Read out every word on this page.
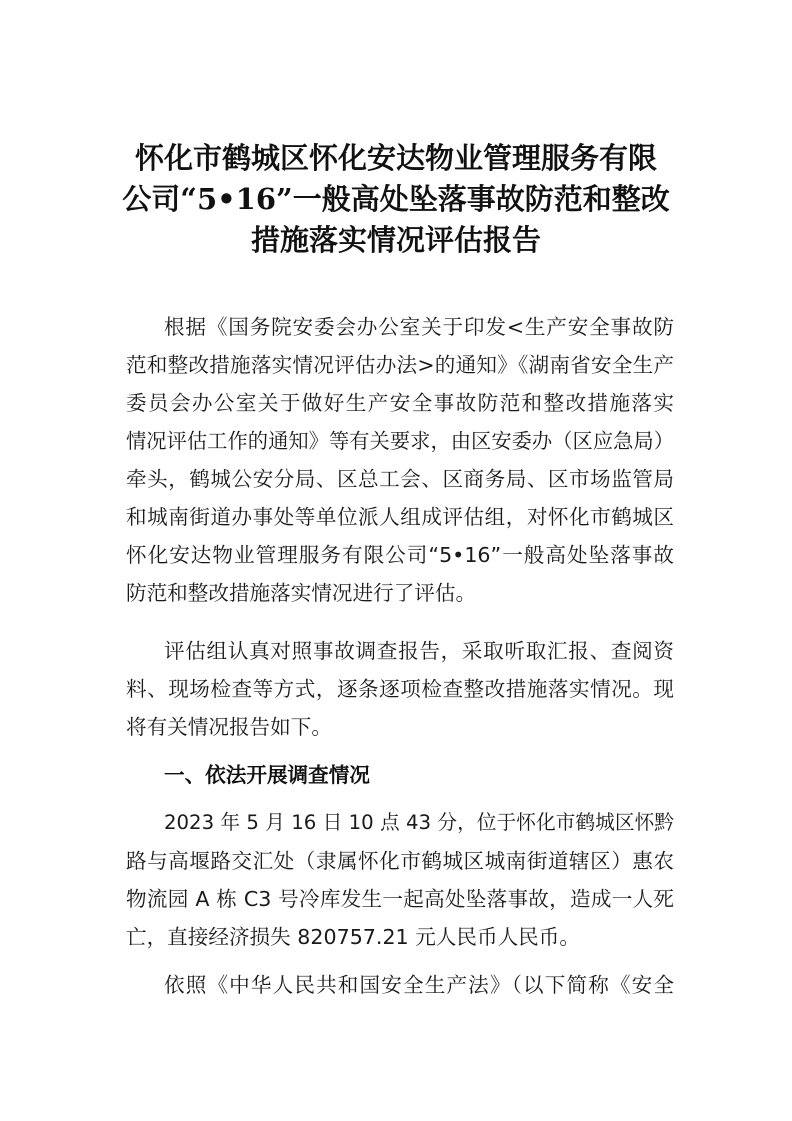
怀化市鹤城区怀化安达物业管理服务有限
公司“5•16”一般高处坠落事故防范和整改
措施落实情况评估报告
根据《国务院安委会办公室关于印发<生产安全事故防
范和整改措施落实情况评估办法>的通知》《湖南省安全生产
委员会办公室关于做好生产安全事故防范和整改措施落实
情况评估工作的通知》等有关要求，由区安委办（区应急局）
牵头，鹤城公安分局、区总工会、区商务局、区市场监管局
和城南街道办事处等单位派人组成评估组，对怀化市鹤城区
怀化安达物业管理服务有限公司“5•16”一般高处坠落事故
防范和整改措施落实情况进行了评估。
评估组认真对照事故调查报告，采取听取汇报、查阅资
料、现场检查等方式，逐条逐项检查整改措施落实情况。现
将有关情况报告如下。
一、依法开展调查情况
2023 年 5 月 16 日 10 点 43 分，位于怀化市鹤城区怀黔
路与高堰路交汇处（隶属怀化市鹤城区城南街道辖区）惠农
物流园 A 栋 C3 号冷库发生一起高处坠落事故，造成一人死
亡，直接经济损失 820757.21 元人民币人民币。
依照《中华人民共和国安全生产法》（以下简称《安全
